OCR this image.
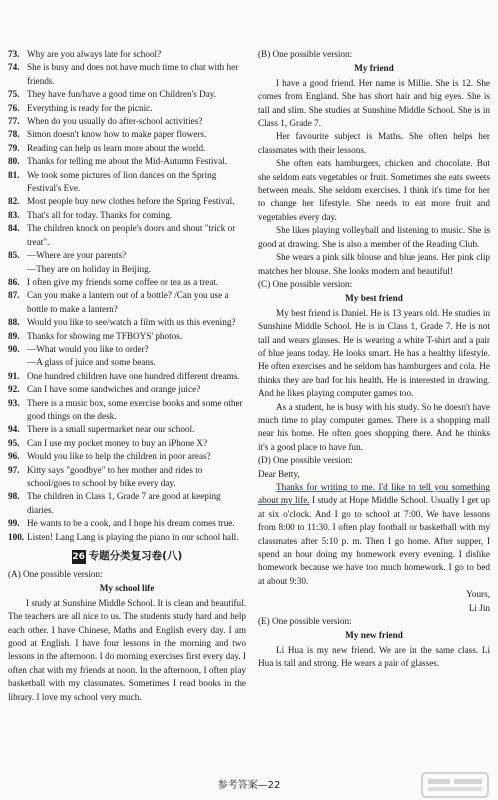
73. Why are you always late for school?
74. She is busy and does not have much time to chat with her friends.
75. They have fun/have a good time on Children's Day.
76. Everything is ready for the picnic.
77. When do you usually do after-school activities?
78. Simon doesn't know how to make paper flowers.
79. Reading can help us learn more about the world.
80. Thanks for telling me about the Mid-Autumn Festival.
81. We took some pictures of lion dances on the Spring Festival's Eve.
82. Most people buy new clothes before the Spring Festival.
83. That's all for today. Thanks for coming.
84. The children knock on people's doors and shout "trick or treat".
85. —Where are your parents?
—They are on holiday in Beijing.
86. I often give my friends some coffee or tea as a treat.
87. Can you make a lantern out of a bottle? /Can you use a bottle to make a lantern?
88. Would you like to see/watch a film with us this evening?
89. Thanks for showing me TFBOYS' photos.
90. —What would you like to order?
—A glass of juice and some beans.
91. One hundred children have one hundred different dreams.
92. Can I have some sandwiches and orange juice?
93. There is a music box, some exercise books and some other good things on the desk.
94. There is a small supermarket near our school.
95. Can I use my pocket money to buy an iPhone X?
96. Would you like to help the children in poor areas?
97. Kitty says "goodbye" to her mother and rides to school/goes to school by bike every day.
98. The children in Class 1, Grade 7 are good at keeping diaries.
99. He wants to be a cook, and I hope his dream comes true.
100. Listen! Lang Lang is playing the piano in our school hall.
26 专题分类复习卷(八)
(A) One possible version:
My school life
I study at Sunshine Middle School. It is clean and beautiful. The teachers are all nice to us. The students study hard and help each other. I have Chinese, Maths and English every day. I am good at English. I have four lessons in the morning and two lessons in the afternoon. I do morning exercises first every day. I often chat with my friends at noon. In the afternoon, I often play basketball with my classmates. Sometimes I read books in the library. I love my school very much.
(B) One possible version:
My friend
I have a good friend. Her name is Millie. She is 12. She comes from England. She has short hair and big eyes. She is tall and slim. She studies at Sunshine Middle School. She is in Class 1, Grade 7.
Her favourite subject is Maths. She often helps her classmates with their lessons.
She often eats hamburgers, chicken and chocolate. But she seldom eats vegetables or fruit. Sometimes she eats sweets between meals. She seldom exercises. I think it's time for her to change her lifestyle. She needs to eat more fruit and vegetables every day.
She likes playing volleyball and listening to music. She is good at drawing. She is also a member of the Reading Club.
She wears a pink silk blouse and blue jeans. Her pink clip matches her blouse. She looks modern and beautiful!
(C) One possible version:
My best friend
My best friend is Daniel. He is 13 years old. He studies in Sunshine Middle School. He is in Class 1, Grade 7. He is not tall and wears glasses. He is wearing a white T-shirt and a pair of blue jeans today. He looks smart. He has a healthy lifestyle. He often exercises and he seldom has hamburgers and cola. He thinks they are bad for his health. He is interested in drawing. And he likes playing computer games too.
As a student, he is busy with his study. So he doesn't have much time to play computer games. There is a shopping mall near his home. He often goes shopping there. And he thinks it's a good place to have fun.
(D) One possible version:
Dear Betty,
Thanks for writing to me. I'd like to tell you something about my life. I study at Hope Middle School. Usually I get up at six o'clock. And I go to school at 7:00. We have lessons from 8:00 to 11:30. I often play football or basketball with my classmates after 5:10 p. m. Then I go home. After supper, I spend an hour doing my homework every evening. I dislike homework because we have too much homework. I go to bed at about 9:30.
Yours,
Li Jin
(E) One possible version:
My new friend
Li Hua is my new friend. We are in the same class. Li Hua is tall and strong. He wears a pair of glasses.
参考答案—22
